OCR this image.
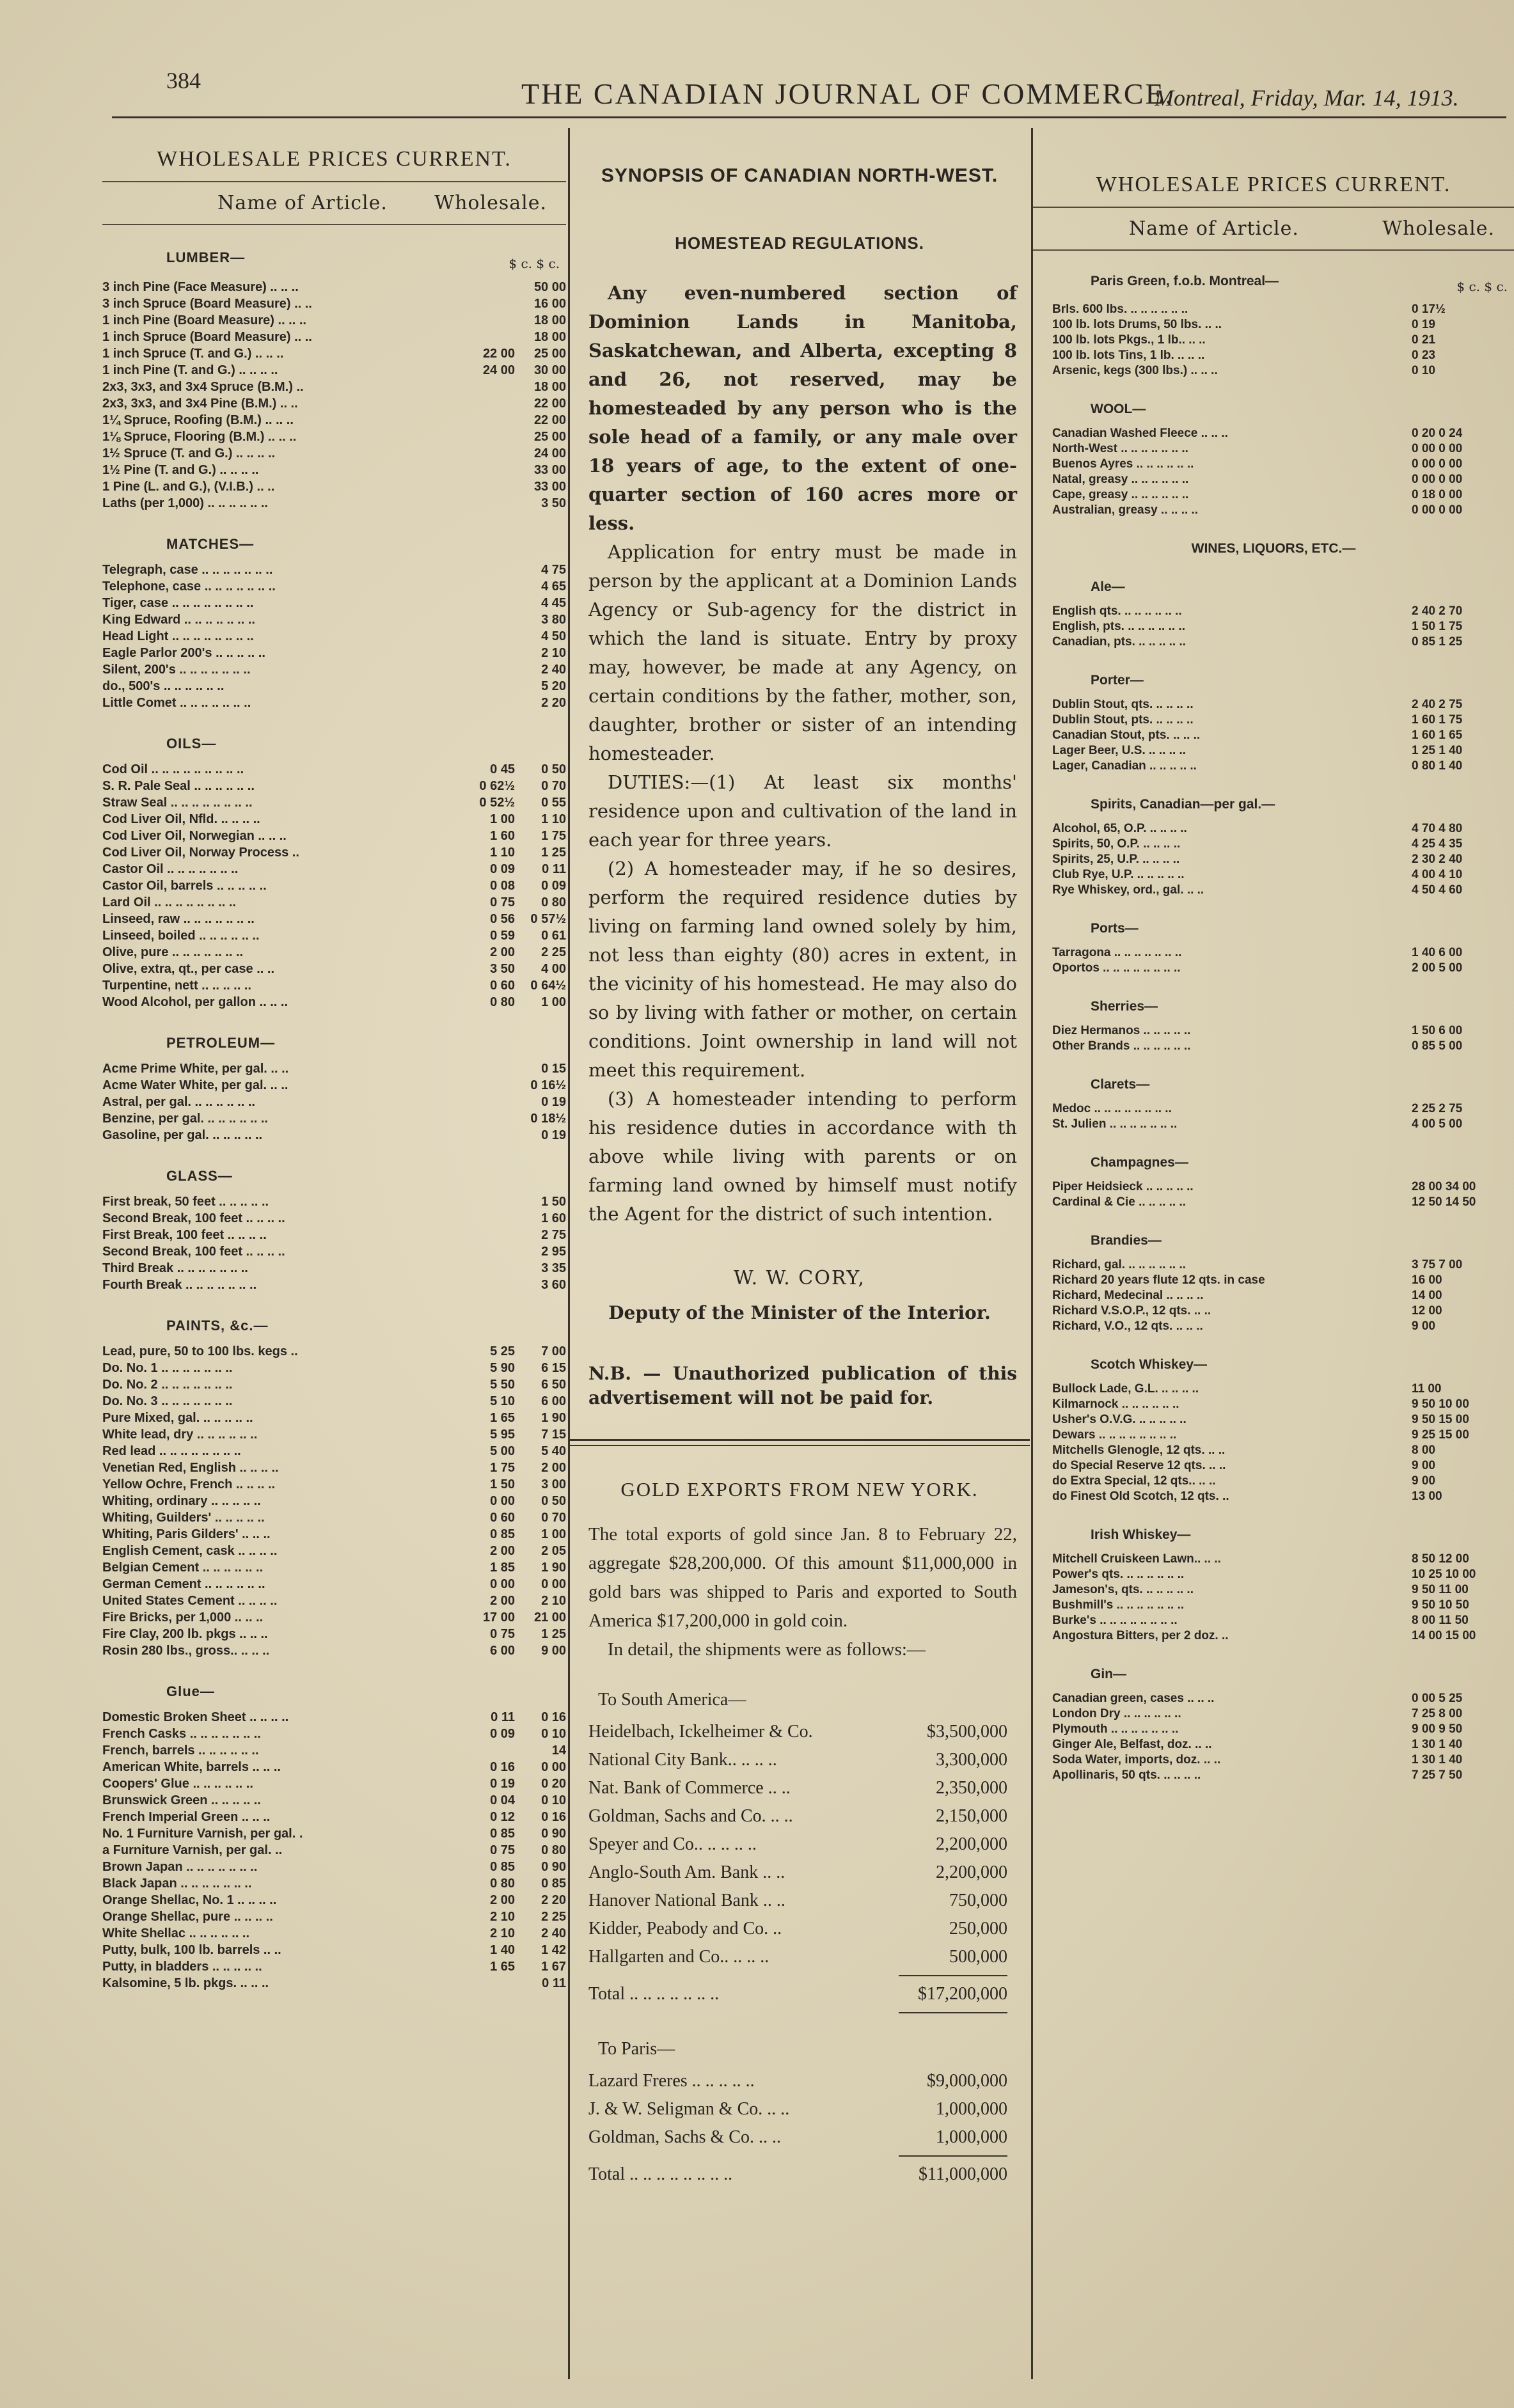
384	THE CANADIAN JOURNAL OF COMMERCE.
Montreal, Friday, Mar. 14, 1913.
WHOLESALE PRICES CURRENT.
Name of Article. Wholesale.
LUMBER—	$ c. $ c.
3 inch Pine (Face Measure) .. .. ..	50 00
3 inch Spruce (Board Measure) .. ..	16 00
1 inch Pine (Board Measure) .. .. ..	18 00
1 inch Spruce (Board Measure) .. ..	18 00
1 inch Spruce (T. and G.) .. .. ..	22 00	25 00
1 inch Pine (T. and G.) .. .. .. ..	24 00	30 00
2x3, 3x3, and 3x4 Spruce (B.M.) ..	18 00
2x3, 3x3, and 3x4 Pine (B.M.) .. ..	22 00
1¼ Spruce, Roofing (B.M.) .. .. ..	22 00
1⅛ Spruce, Flooring (B.M.) .. .. ..	25 00
1½ Spruce (T. and G.) .. .. .. ..	24 00
1½ Pine (T. and G.) .. .. .. ..	33 00
1 Pine (L. and G.), (V.I.B.) .. ..	33 00
Laths (per 1,000) .. .. .. .. .. ..	3 50
MATCHES—
Telegraph, case .. .. .. .. .. .. ..	4 75
Telephone, case .. .. .. .. .. .. ..	4 65
Tiger, case .. .. .. .. .. .. .. ..	4 45
King Edward .. .. .. .. .. .. ..	3 80
Head Light .. .. .. .. .. .. .. ..	4 50
Eagle Parlor 200's .. .. .. .. ..	2 10
Silent, 200's .. .. .. .. .. .. ..	2 40
do., 500's .. .. .. .. .. ..	5 20
Little Comet .. .. .. .. .. .. ..	2 20
OILS—
Cod Oil .. .. .. .. .. .. .. .. ..	0 45	0 50
S. R. Pale Seal .. .. .. .. .. ..	0 62½	0 70
Straw Seal .. .. .. .. .. .. .. ..	0 52½	0 55
Cod Liver Oil, Nfld. .. .. .. ..	1 00	1 10
Cod Liver Oil, Norwegian .. .. ..	1 60	1 75
Cod Liver Oil, Norway Process ..	1 10	1 25
Castor Oil .. .. .. .. .. .. ..	0 09	0 11
Castor Oil, barrels .. .. .. .. ..	0 08	0 09
Lard Oil .. .. .. .. .. .. .. ..	0 75	0 80
Linseed, raw .. .. .. .. .. .. ..	0 56	0 57½
Linseed, boiled .. .. .. .. .. ..	0 59	0 61
Olive, pure .. .. .. .. .. .. ..	2 00	2 25
Olive, extra, qt., per case .. ..	3 50	4 00
Turpentine, nett .. .. .. .. ..	0 60	0 64½
Wood Alcohol, per gallon .. .. ..	0 80	1 00
PETROLEUM—
Acme Prime White, per gal. .. ..	0 15
Acme Water White, per gal. .. ..	0 16½
Astral, per gal. .. .. .. .. .. ..	0 19
Benzine, per gal. .. .. .. .. .. ..	0 18½
Gasoline, per gal. .. .. .. .. ..	0 19
GLASS—
First break, 50 feet .. .. .. .. ..	1 50
Second Break, 100 feet .. .. .. ..	1 60
First Break, 100 feet .. .. .. ..	2 75
Second Break, 100 feet .. .. .. ..	2 95
Third Break .. .. .. .. .. .. ..	3 35
Fourth Break .. .. .. .. .. .. ..	3 60
PAINTS, &c.—
Lead, pure, 50 to 100 lbs. kegs ..	5 25	7 00
Do. No. 1 .. .. .. .. .. .. ..	5 90	6 15
Do. No. 2 .. .. .. .. .. .. ..	5 50	6 50
Do. No. 3 .. .. .. .. .. .. ..	5 10	6 00
Pure Mixed, gal. .. .. .. .. ..	1 65	1 90
White lead, dry .. .. .. .. .. ..	5 95	7 15
Red lead .. .. .. .. .. .. .. ..	5 00	5 40
Venetian Red, English .. .. .. ..	1 75	2 00
Yellow Ochre, French .. .. .. ..	1 50	3 00
Whiting, ordinary .. .. .. .. ..	0 00	0 50
Whiting, Guilders' .. .. .. .. ..	0 60	0 70
Whiting, Paris Gilders' .. .. ..	0 85	1 00
English Cement, cask .. .. .. ..	2 00	2 05
Belgian Cement .. .. .. .. .. ..	1 85	1 90
German Cement .. .. .. .. .. ..	0 00	0 00
United States Cement .. .. .. ..	2 00	2 10
Fire Bricks, per 1,000 .. .. ..	17 00	21 00
Fire Clay, 200 lb. pkgs .. .. ..	0 75	1 25
Rosin 280 lbs., gross.. .. .. ..	6 00	9 00
Glue—
Domestic Broken Sheet .. .. .. ..	0 11	0 16
French Casks .. .. .. .. .. .. ..	0 09	0 10
French, barrels .. .. .. .. .. ..	14
American White, barrels .. .. ..	0 16	0 00
Coopers' Glue .. .. .. .. .. ..	0 19	0 20
Brunswick Green .. .. .. .. ..	0 04	0 10
French Imperial Green .. .. ..	0 12	0 16
No. 1 Furniture Varnish, per gal. .	0 85	0 90
a Furniture Varnish, per gal. ..	0 75	0 80
Brown Japan .. .. .. .. .. .. ..	0 85	0 90
Black Japan .. .. .. .. .. .. ..	0 80	0 85
Orange Shellac, No. 1 .. .. .. ..	2 00	2 20
Orange Shellac, pure .. .. .. ..	2 10	2 25
White Shellac .. .. .. .. .. ..	2 10	2 40
Putty, bulk, 100 lb. barrels .. ..	1 40	1 42
Putty, in bladders .. .. .. .. ..	1 65	1 67
Kalsomine, 5 lb. pkgs. .. .. ..	0 11
SYNOPSIS OF CANADIAN NORTH-WEST.
HOMESTEAD REGULATIONS.

Any even-numbered section of Dominion Lands in Manitoba, Saskatchewan, and Alberta, excepting 8 and 26, not reserved, may be homesteaded by any person who is the sole head of a family, or any male over 18 years of age, to the extent of one-quarter section of 160 acres more or less.

Application for entry must be made in person by the applicant at a Dominion Lands Agency or Sub-agency for the district in which the land is situate. Entry by proxy may, however, be made at any Agency, on certain conditions by the father, mother, son, daughter, brother or sister of an intending homesteader.

DUTIES:—(1) At least six months' residence upon and cultivation of the land in each year for three years.

(2) A homesteader may, if he so desires, perform the required residence duties by living on farming land owned solely by him, not less than eighty (80) acres in extent, in the vicinity of his homestead. He may also do so by living with father or mother, on certain conditions. Joint ownership in land will not meet this requirement.

(3) A homesteader intending to perform his residence duties in accordance with th above while living with parents or on farming land owned by himself must notify the Agent for the district of such intention.

W. W. CORY,
Deputy of the Minister of the Interior.
N.B. — Unauthorized publication of this advertisement will not be paid for.
GOLD EXPORTS FROM NEW YORK.
The total exports of gold since Jan. 8 to February 22, aggregate $28,200,000. Of this amount $11,000,000 in gold bars was shipped to Paris and exported to South America $17,200,000 in gold coin.
In detail, the shipments were as follows:—
To South America—
Heidelbach, Ickelheimer & Co.	$3,500,000
National City Bank.. .. .. ..	3,300,000
Nat. Bank of Commerce .. ..	2,350,000
Goldman, Sachs and Co. .. ..	2,150,000
Speyer and Co.. .. .. .. ..	2,200,000
Anglo-South Am. Bank .. ..	2,200,000
Hanover National Bank .. ..	750,000
Kidder, Peabody and Co. ..	250,000
Hallgarten and Co.. .. .. ..	500,000
Total .. .. .. .. .. .. ..	$17,200,000
To Paris—
Lazard Freres .. .. .. .. ..	$9,000,000
J. & W. Seligman & Co. .. ..	1,000,000
Goldman, Sachs & Co. .. ..	1,000,000
Total .. .. .. .. .. .. .. ..	$11,000,000
WHOLESALE PRICES CURRENT.
Name of Article.	Wholesale.
Paris Green, f.o.b. Montreal—	$ c. $ c.
Brls. 600 lbs. .. .. .. .. .. ..	0 17½
100 lb. lots Drums, 50 lbs. .. ..	0 19
100 lb. lots Pkgs., 1 lb.. .. ..	0 21
100 lb. lots Tins, 1 lb. .. .. ..	0 23
Arsenic, kegs (300 lbs.) .. .. ..	0 10
WOOL—
Canadian Washed Fleece .. .. ..	0 20 0 24
North-West .. .. .. .. .. .. ..	0 00 0 00
Buenos Ayres .. .. .. .. .. ..	0 00 0 00
Natal, greasy .. .. .. .. .. ..	0 00 0 00
Cape, greasy .. .. .. .. .. ..	0 18 0 00
Australian, greasy .. .. .. ..	0 00 0 00
WINES, LIQUORS, ETC.—
Ale—
English qts. .. .. .. .. .. ..	2 40 2 70
English, pts. .. .. .. .. .. ..	1 50 1 75
Canadian, pts. .. .. .. .. ..	0 85 1 25
Porter—
Dublin Stout, qts. .. .. .. ..	2 40 2 75
Dublin Stout, pts. .. .. .. ..	1 60 1 75
Canadian Stout, pts. .. .. ..	1 60 1 65
Lager Beer, U.S. .. .. .. ..	1 25 1 40
Lager, Canadian .. .. .. .. ..	0 80 1 40
Spirits, Canadian—per gal.—
Alcohol, 65, O.P. .. .. .. ..	4 70 4 80
Spirits, 50, O.P. .. .. .. ..	4 25 4 35
Spirits, 25, U.P. .. .. .. ..	2 30 2 40
Club Rye, U.P. .. .. .. .. ..	4 00 4 10
Rye Whiskey, ord., gal. .. ..	4 50 4 60
Ports—
Tarragona .. .. .. .. .. .. ..	1 40 6 00
Oportos .. .. .. .. .. .. .. ..	2 00 5 00
Sherries—
Diez Hermanos .. .. .. .. ..	1 50 6 00
Other Brands .. .. .. .. .. ..	0 85 5 00
Clarets—
Medoc .. .. .. .. .. .. .. ..	2 25 2 75
St. Julien .. .. .. .. .. .. ..	4 00 5 00
Champagnes—
Piper Heidsieck .. .. .. .. ..	28 00 34 00
Cardinal & Cie .. .. .. .. ..	12 50 14 50
Brandies—
Richard, gal. .. .. .. .. .. ..	3 75 7 00
Richard 20 years flute 12 qts. in case	16 00
Richard, Medecinal .. .. .. ..	14 00
Richard V.S.O.P., 12 qts. .. ..	12 00
Richard, V.O., 12 qts. .. .. ..	9 00
Scotch Whiskey—
Bullock Lade, G.L. .. .. .. ..	11 00
Kilmarnock .. .. .. .. .. ..	9 50 10 00
Usher's O.V.G. .. .. .. .. ..	9 50 15 00
Dewars .. .. .. .. .. .. .. ..	9 25 15 00
Mitchells Glenogle, 12 qts. .. ..	8 00
do Special Reserve 12 qts. .. ..	9 00
do Extra Special, 12 qts.. .. ..	9 00
do Finest Old Scotch, 12 qts. ..	13 00
Irish Whiskey—
Mitchell Cruiskeen Lawn.. .. ..	8 50 12 00
Power's qts. .. .. .. .. .. ..	10 25 10 00
Jameson's, qts. .. .. .. .. ..	9 50 11 00
Bushmill's .. .. .. .. .. .. ..	9 50 10 50
Burke's .. .. .. .. .. .. .. ..	8 00 11 50
Angostura Bitters, per 2 doz. ..	14 00 15 00
Gin—
Canadian green, cases .. .. ..	0 00 5 25
London Dry .. .. .. .. .. ..	7 25 8 00
Plymouth .. .. .. .. .. .. ..	9 00 9 50
Ginger Ale, Belfast, doz. .. ..	1 30 1 40
Soda Water, imports, doz. .. ..	1 30 1 40
Apollinaris, 50 qts. .. .. .. ..	7 25 7 50
